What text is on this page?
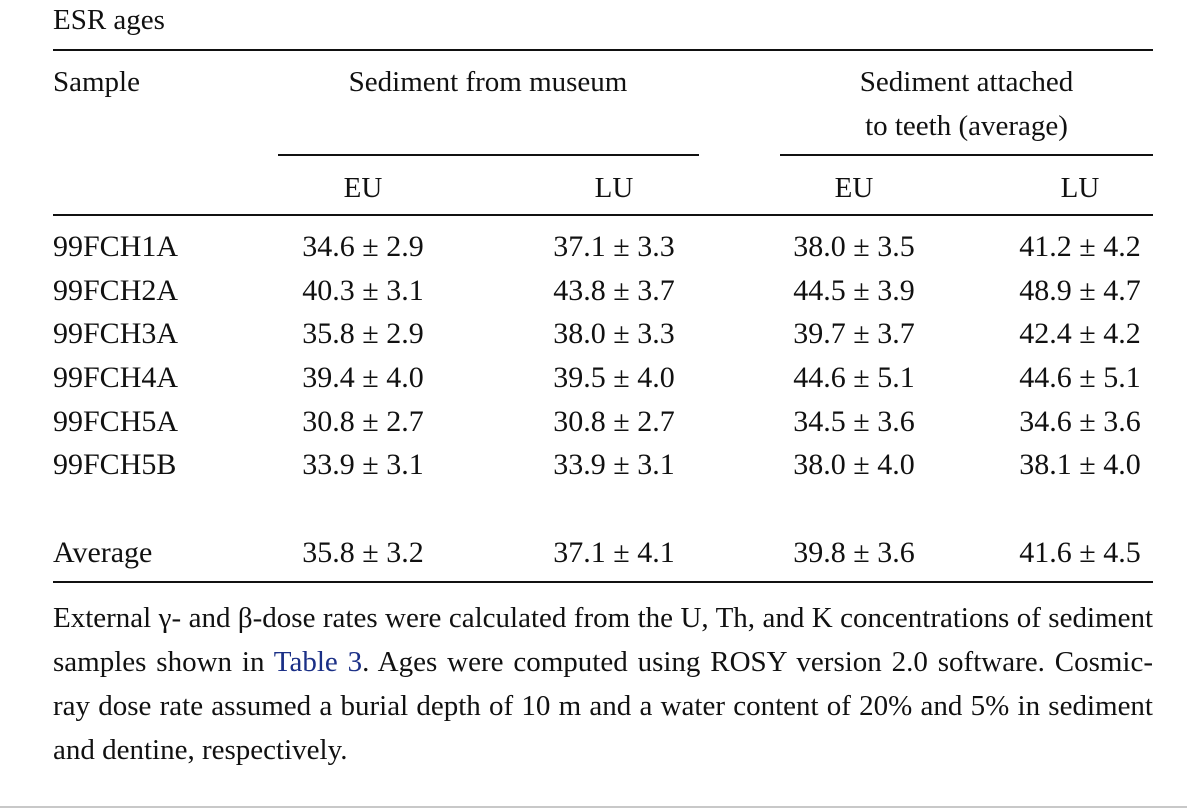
ESR ages
Sample	Sediment from museum	Sediment attached
to teeth (average)
EU	LU	EU	LU
99FCH1A	34.6 ± 2.9	37.1 ± 3.3	38.0 ± 3.5	41.2 ± 4.2
99FCH2A	40.3 ± 3.1	43.8 ± 3.7	44.5 ± 3.9	48.9 ± 4.7
99FCH3A	35.8 ± 2.9	38.0 ± 3.3	39.7 ± 3.7	42.4 ± 4.2
99FCH4A	39.4 ± 4.0	39.5 ± 4.0	44.6 ± 5.1	44.6 ± 5.1
99FCH5A	30.8 ± 2.7	30.8 ± 2.7	34.5 ± 3.6	34.6 ± 3.6
99FCH5B	33.9 ± 3.1	33.9 ± 3.1	38.0 ± 4.0	38.1 ± 4.0
Average	35.8 ± 3.2	37.1 ± 4.1	39.8 ± 3.6	41.6 ± 4.5
External γ- and β-dose rates were calculated from the U, Th, and K concentrations of sediment samples shown in Table 3. Ages were computed using ROSY version 2.0 software. Cosmic-ray dose rate assumed a burial depth of 10 m and a water content of 20% and 5% in sediment and dentine, respectively.
